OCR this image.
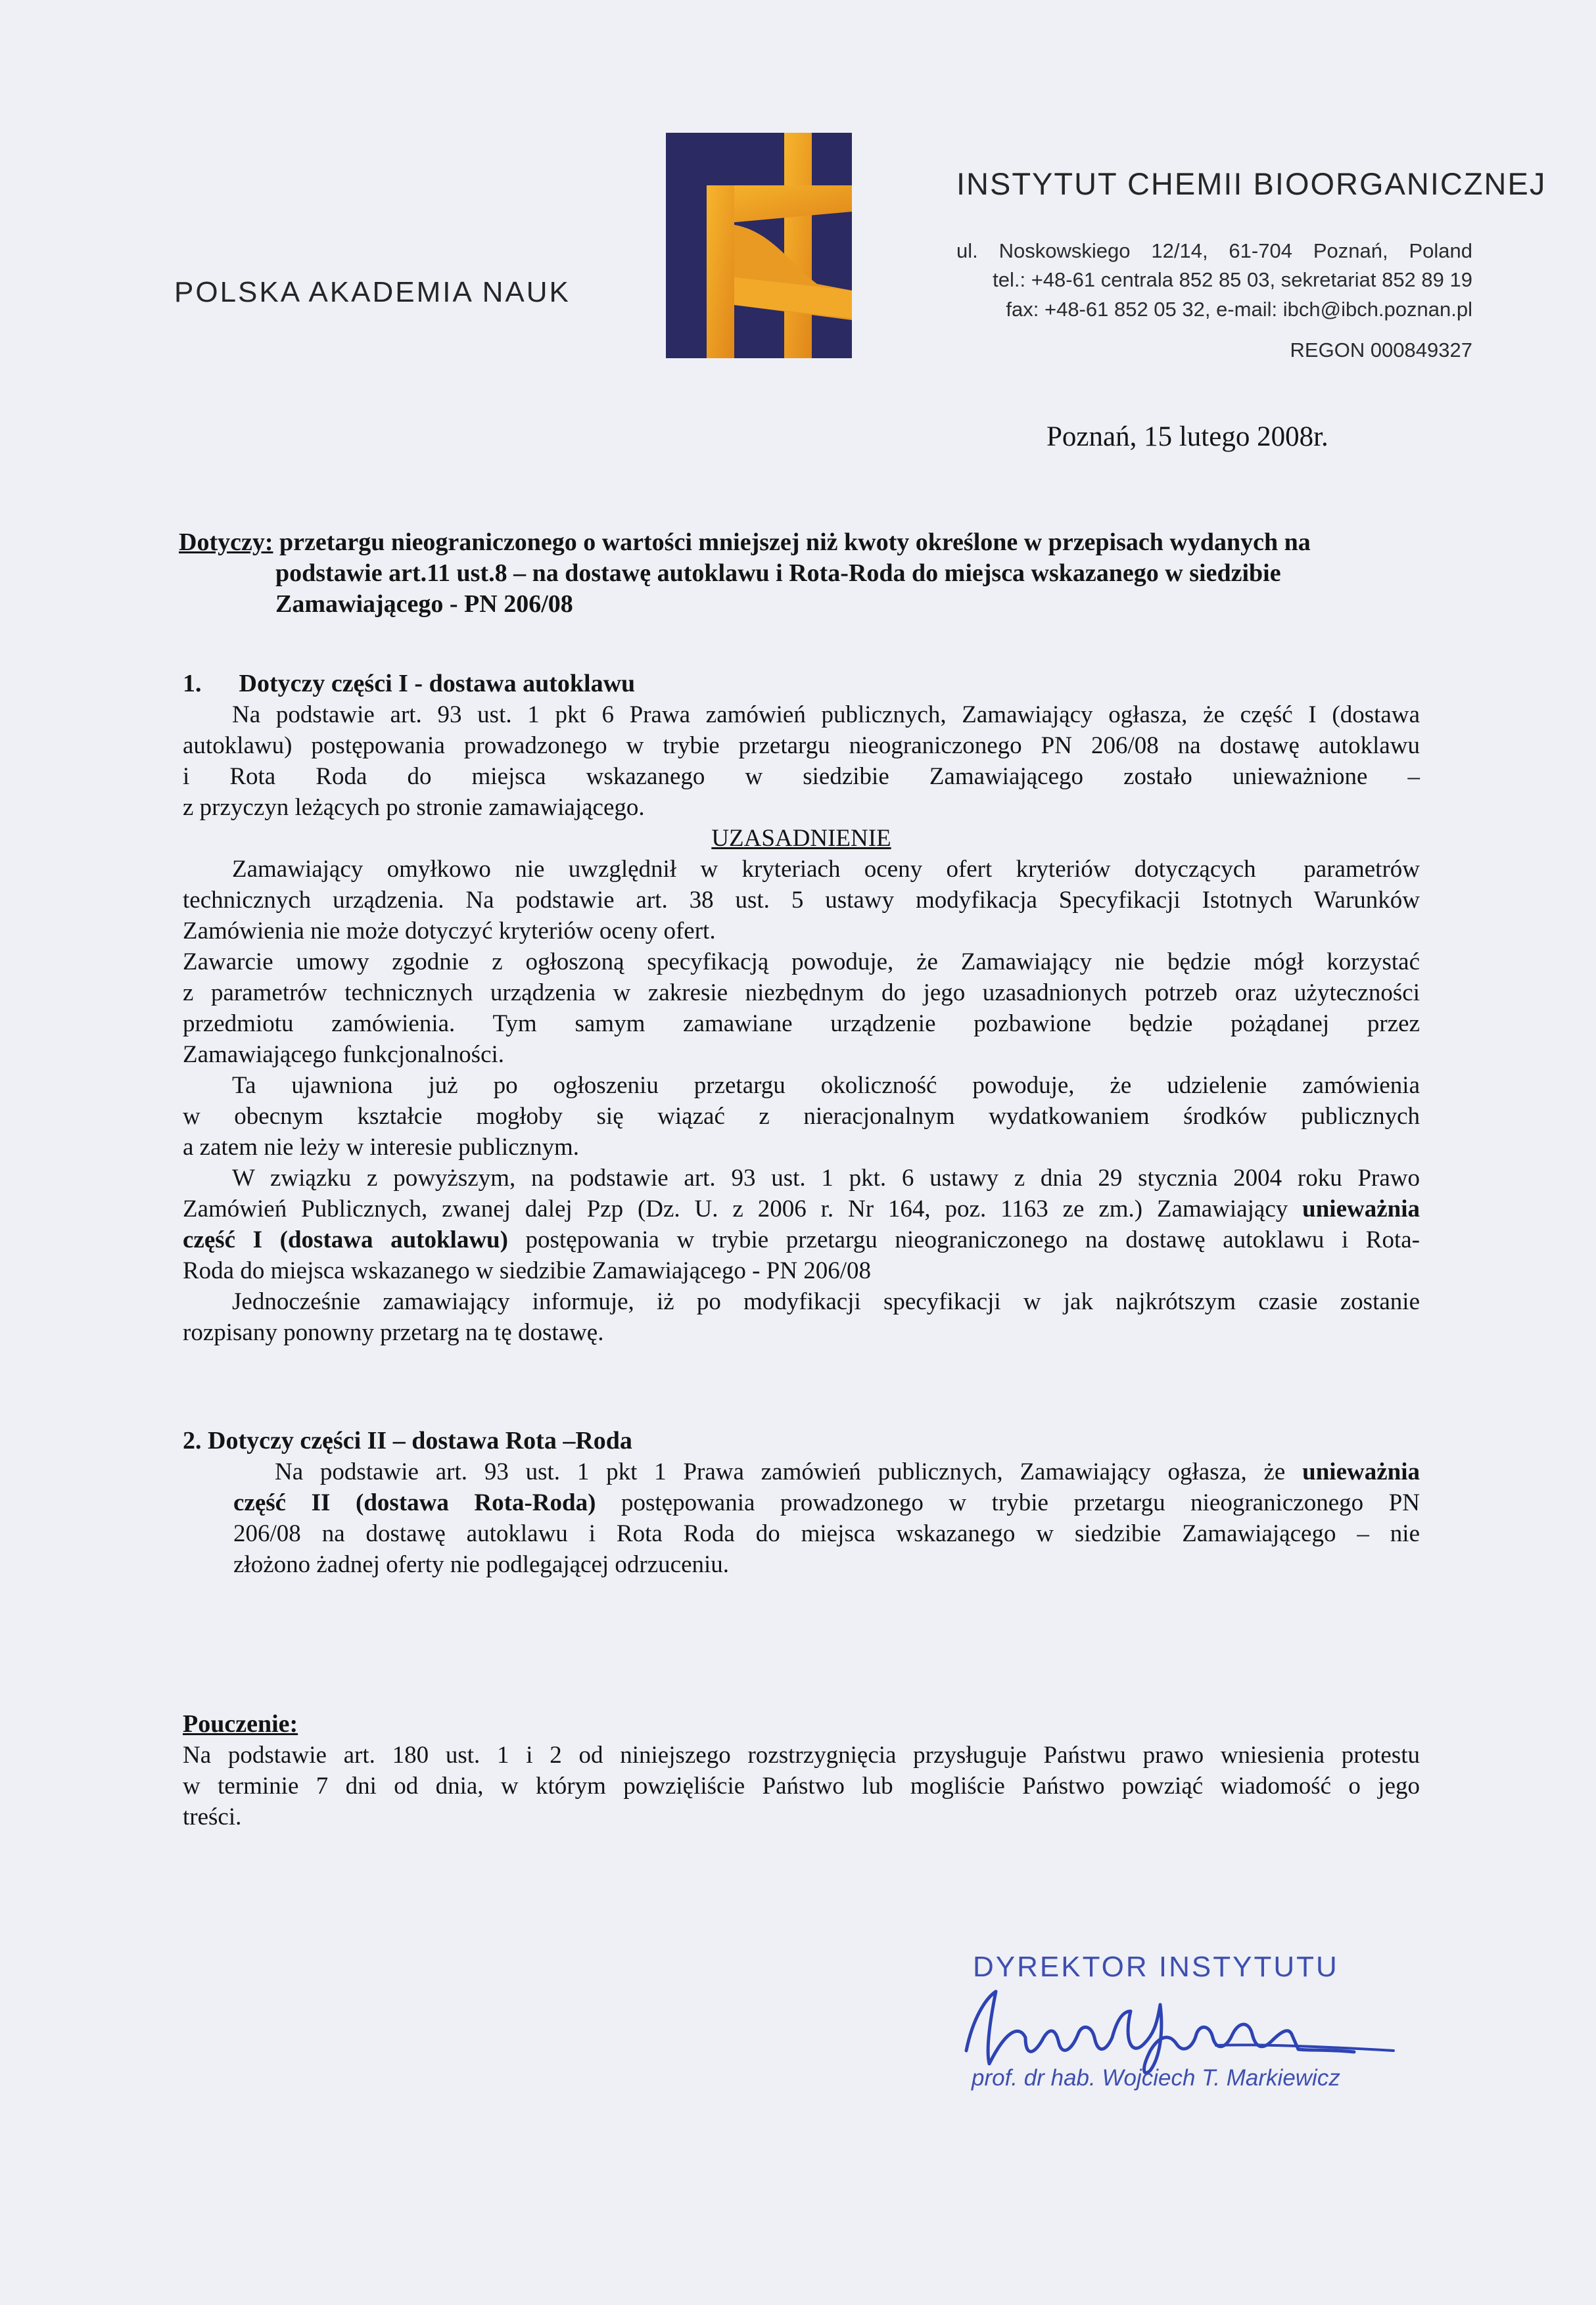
POLSKA AKADEMIA NAUK
INSTYTUT CHEMII BIOORGANICZNEJ
ul. Noskowskiego 12/14, 61-704 Poznań, Poland
tel.: +48-61 centrala 852 85 03, sekretariat 852 89 19
fax: +48-61 852 05 32, e-mail: ibch@ibch.poznan.pl
REGON 000849327
Poznań, 15 lutego 2008r.
Dotyczy: przetargu nieograniczonego o wartości mniejszej niż kwoty określone w przepisach wydanych na
podstawie art.11 ust.8 – na dostawę autoklawu i Rota-Roda do miejsca wskazanego w siedzibie
Zamawiającego - PN 206/08
1.      Dotyczy części I - dostawa autoklawu
Na podstawie art. 93 ust. 1 pkt 6 Prawa zamówień publicznych, Zamawiający ogłasza, że część I (dostawa
autoklawu) postępowania prowadzonego w trybie przetargu nieograniczonego PN 206/08 na dostawę autoklawu
i   Rota   Roda   do   miejsca   wskazanego   w   siedzibie   Zamawiającego   zostało   unieważnione   –
z przyczyn leżących po stronie zamawiającego.
UZASADNIENIE
Zamawiający omyłkowo nie uwzględnił w kryteriach oceny ofert kryteriów dotyczących  parametrów
technicznych urządzenia. Na podstawie art. 38 ust. 5 ustawy modyfikacja Specyfikacji Istotnych Warunków
Zamówienia nie może dotyczyć kryteriów oceny ofert.
Zawarcie umowy zgodnie z ogłoszoną specyfikacją powoduje, że Zamawiający nie będzie mógł korzystać
z parametrów technicznych urządzenia w zakresie niezbędnym do jego uzasadnionych potrzeb oraz użyteczności
przedmiotu  zamówienia.  Tym  samym  zamawiane  urządzenie  pozbawione  będzie  pożądanej  przez
Zamawiającego funkcjonalności.
Ta  ujawniona  już  po  ogłoszeniu  przetargu  okoliczność  powoduje,  że  udzielenie  zamówienia
w  obecnym  kształcie  mogłoby  się  wiązać  z  nieracjonalnym  wydatkowaniem  środków  publicznych
a zatem nie leży w interesie publicznym.
W związku z powyższym, na podstawie art. 93 ust. 1 pkt. 6 ustawy z dnia 29 stycznia 2004 roku Prawo
Zamówień Publicznych, zwanej dalej Pzp (Dz. U. z 2006 r. Nr 164, poz. 1163 ze zm.) Zamawiający unieważnia
część I (dostawa autoklawu) postępowania w trybie przetargu nieograniczonego na dostawę autoklawu i Rota-
Roda do miejsca wskazanego w siedzibie Zamawiającego - PN 206/08
Jednocześnie zamawiający informuje, iż po modyfikacji specyfikacji w jak najkrótszym czasie zostanie
rozpisany ponowny przetarg na tę dostawę.
2. Dotyczy części II – dostawa Rota –Roda
Na podstawie art. 93 ust. 1 pkt 1 Prawa zamówień publicznych, Zamawiający ogłasza, że unieważnia
część II (dostawa Rota-Roda) postępowania prowadzonego w trybie przetargu nieograniczonego PN
206/08 na dostawę autoklawu i Rota Roda do miejsca wskazanego w siedzibie Zamawiającego – nie
złożono żadnej oferty nie podlegającej odrzuceniu.
Pouczenie:
Na podstawie art. 180 ust. 1 i 2 od niniejszego rozstrzygnięcia przysługuje Państwu prawo wniesienia protestu
w terminie 7 dni od dnia, w którym powzięliście Państwo lub mogliście Państwo powziąć wiadomość o jego
treści.
DYREKTOR INSTYTUTU
prof. dr hab. Wojciech T. Markiewicz
